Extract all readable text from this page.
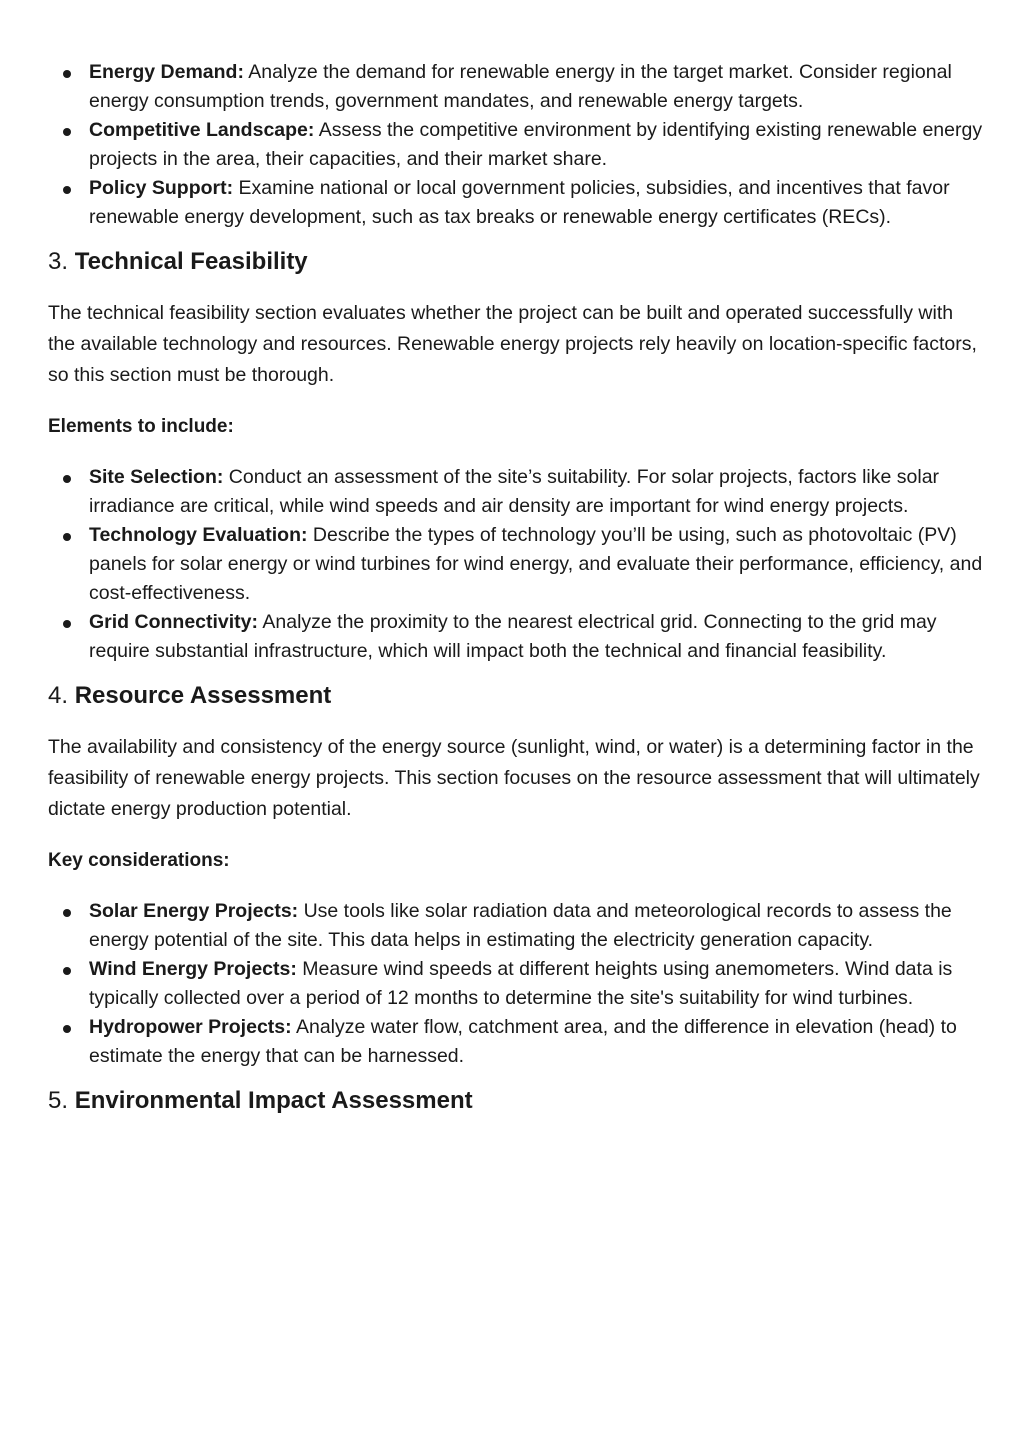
Energy Demand: Analyze the demand for renewable energy in the target market. Consider regional energy consumption trends, government mandates, and renewable energy targets.
Competitive Landscape: Assess the competitive environment by identifying existing renewable energy projects in the area, their capacities, and their market share.
Policy Support: Examine national or local government policies, subsidies, and incentives that favor renewable energy development, such as tax breaks or renewable energy certificates (RECs).
3. Technical Feasibility

The technical feasibility section evaluates whether the project can be built and operated successfully with the available technology and resources. Renewable energy projects rely heavily on location-specific factors, so this section must be thorough.

Elements to include:

Site Selection: Conduct an assessment of the site’s suitability. For solar projects, factors like solar irradiance are critical, while wind speeds and air density are important for wind energy projects.
Technology Evaluation: Describe the types of technology you’ll be using, such as photovoltaic (PV) panels for solar energy or wind turbines for wind energy, and evaluate their performance, efficiency, and cost-effectiveness.
Grid Connectivity: Analyze the proximity to the nearest electrical grid. Connecting to the grid may require substantial infrastructure, which will impact both the technical and financial feasibility.
4. Resource Assessment

The availability and consistency of the energy source (sunlight, wind, or water) is a determining factor in the feasibility of renewable energy projects. This section focuses on the resource assessment that will ultimately dictate energy production potential.

Key considerations:

Solar Energy Projects: Use tools like solar radiation data and meteorological records to assess the energy potential of the site. This data helps in estimating the electricity generation capacity.
Wind Energy Projects: Measure wind speeds at different heights using anemometers. Wind data is typically collected over a period of 12 months to determine the site's suitability for wind turbines.
Hydropower Projects: Analyze water flow, catchment area, and the difference in elevation (head) to estimate the energy that can be harnessed.
5. Environmental Impact Assessment
